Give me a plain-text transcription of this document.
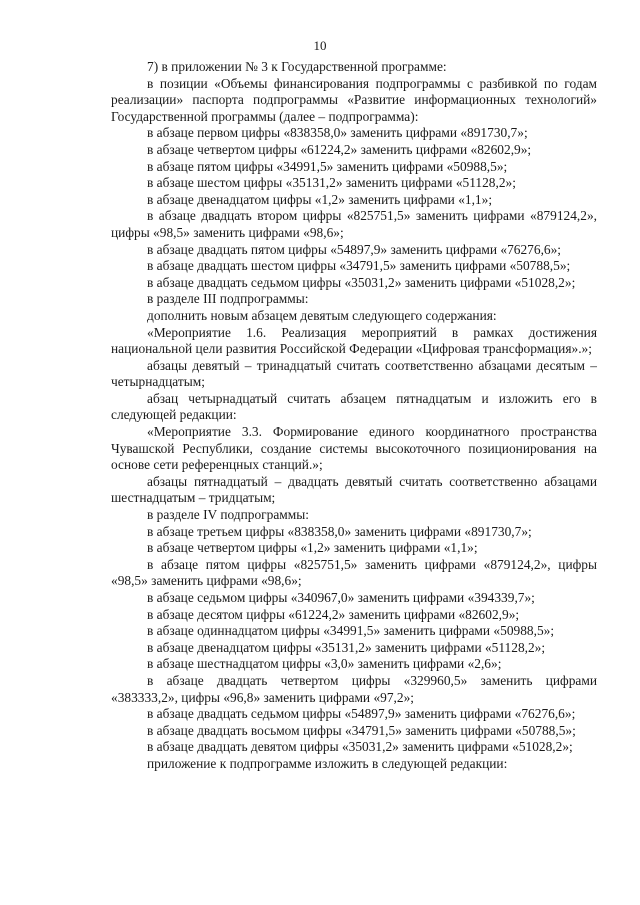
10

7) в приложении № 3 к Государственной программе:

в позиции «Объемы финансирования подпрограммы с разбивкой по годам реализации» паспорта подпрограммы «Развитие информационных технологий» Государственной программы (далее – подпрограмма):

в абзаце первом цифры «838358,0» заменить цифрами «891730,7»;

в абзаце четвертом цифры «61224,2» заменить цифрами «82602,9»;

в абзаце пятом цифры «34991,5» заменить цифрами «50988,5»;

в абзаце шестом цифры «35131,2» заменить цифрами «51128,2»;

в абзаце двенадцатом цифры «1,2» заменить цифрами «1,1»;

в абзаце двадцать втором цифры «825751,5» заменить цифрами «879124,2», цифры «98,5» заменить цифрами «98,6»;

в абзаце двадцать пятом цифры «54897,9» заменить цифрами «76276,6»;

в абзаце двадцать шестом цифры «34791,5» заменить цифрами «50788,5»;

в абзаце двадцать седьмом цифры «35031,2» заменить цифрами «51028,2»;

в разделе III подпрограммы:

дополнить новым абзацем девятым следующего содержания:

«Мероприятие 1.6. Реализация мероприятий в рамках достижения национальной цели развития Российской Федерации «Цифровая трансформация».»;

абзацы девятый – тринадцатый считать соответственно абзацами десятым – четырнадцатым;

абзац четырнадцатый считать абзацем пятнадцатым и изложить его в следующей редакции:

«Мероприятие 3.3. Формирование единого координатного пространства Чувашской Республики, создание системы высокоточного позиционирования на основе сети референцных станций.»;

абзацы пятнадцатый – двадцать девятый считать соответственно абзацами шестнадцатым – тридцатым;

в разделе IV подпрограммы:

в абзаце третьем цифры «838358,0» заменить цифрами «891730,7»;

в абзаце четвертом цифры «1,2» заменить цифрами «1,1»;

в абзаце пятом цифры «825751,5» заменить цифрами «879124,2», цифры «98,5» заменить цифрами «98,6»;

в абзаце седьмом цифры «340967,0» заменить цифрами «394339,7»;

в абзаце десятом цифры «61224,2» заменить цифрами «82602,9»;

в абзаце одиннадцатом цифры «34991,5» заменить цифрами «50988,5»;

в абзаце двенадцатом цифры «35131,2» заменить цифрами «51128,2»;

в абзаце шестнадцатом цифры «3,0» заменить цифрами «2,6»;

в абзаце двадцать четвертом цифры «329960,5» заменить цифрами «383333,2», цифры «96,8» заменить цифрами «97,2»;

в абзаце двадцать седьмом цифры «54897,9» заменить цифрами «76276,6»;

в абзаце двадцать восьмом цифры «34791,5» заменить цифрами «50788,5»;

в абзаце двадцать девятом цифры «35031,2» заменить цифрами «51028,2»;

приложение к подпрограмме изложить в следующей редакции:
